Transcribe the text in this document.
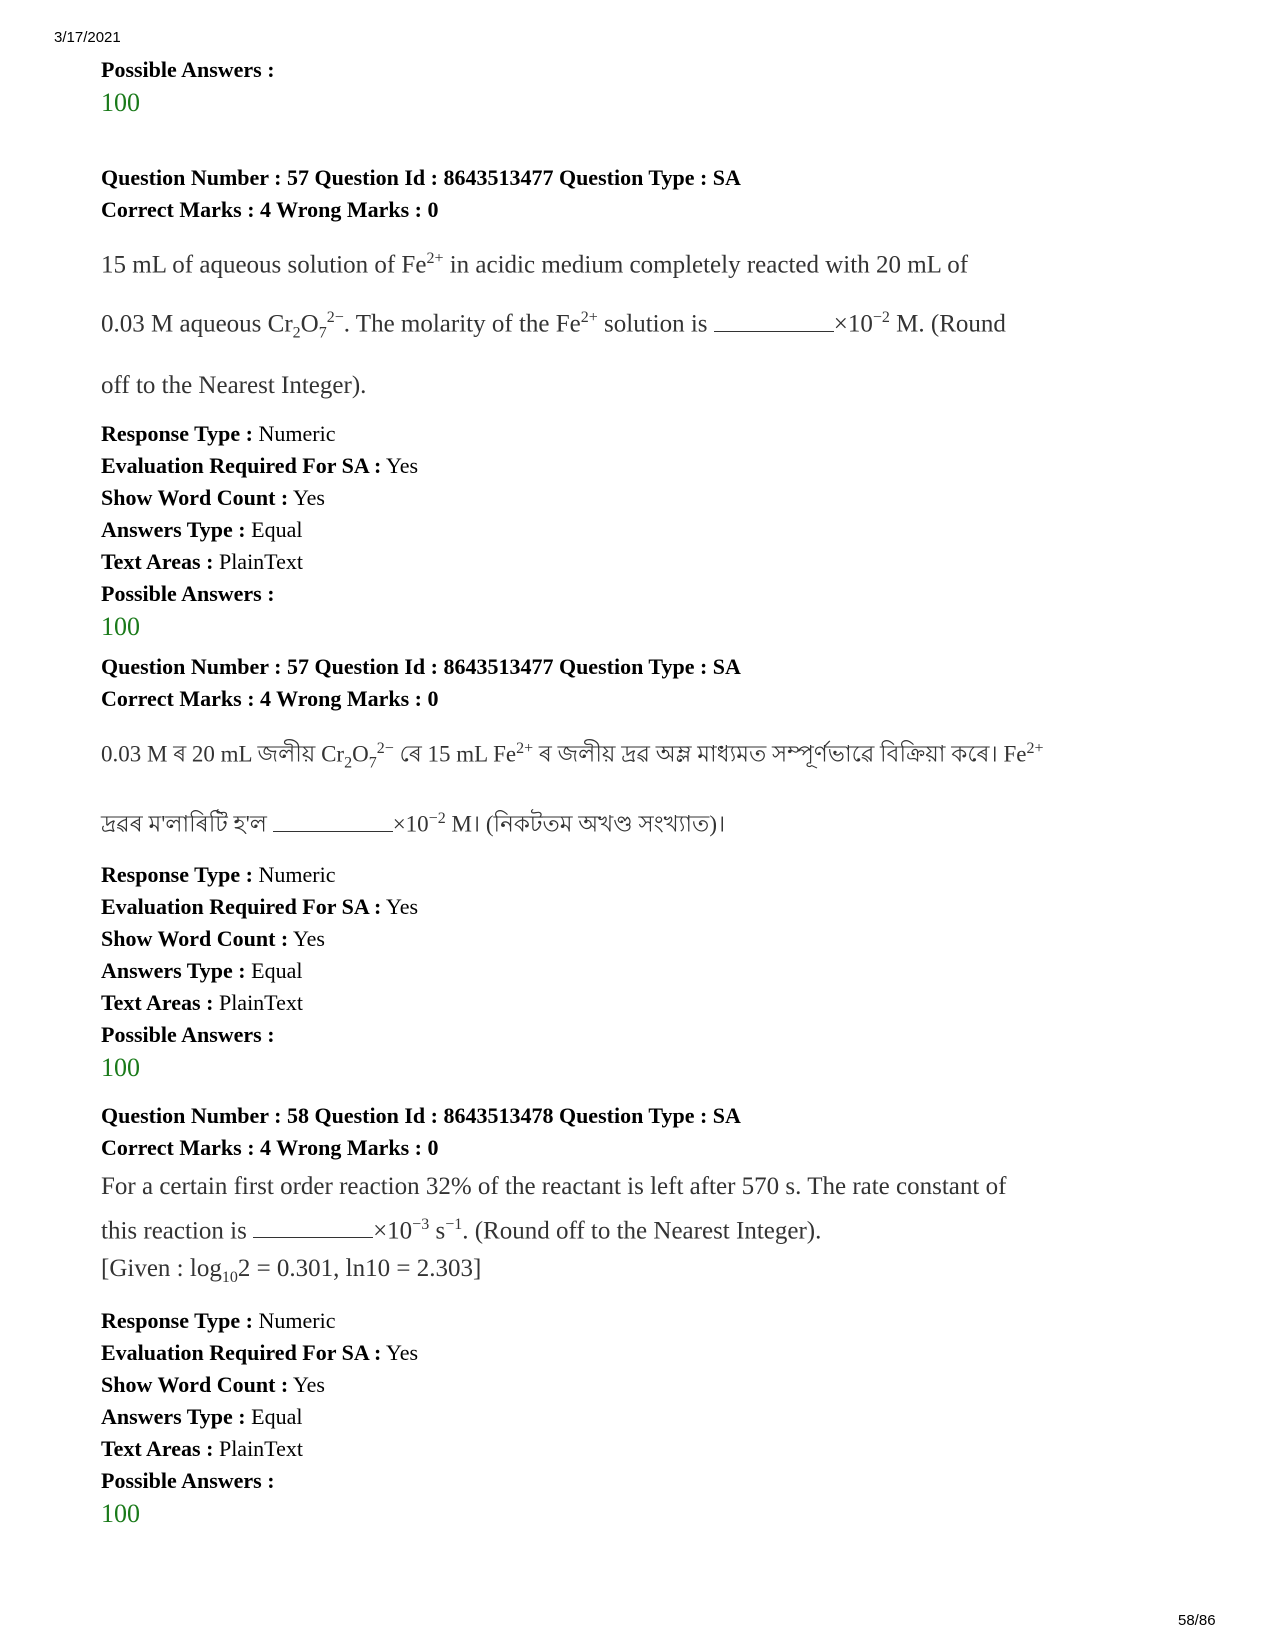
3/17/2021
Possible Answers :
100
Question Number : 57 Question Id : 8643513477 Question Type : SA
Correct Marks : 4 Wrong Marks : 0
15 mL of aqueous solution of $Fe^{2+}$ in acidic medium completely reacted with 20 mL of
0.03 M aqueous $Cr_2O_7^{2-}$. The molarity of the $Fe^{2+}$ solution is	$\times 10^{-2}$ M. (Round
off to the Nearest Integer).
Response Type : Numeric
Evaluation Required For SA : Yes
Show Word Count : Yes
Answers Type : Equal
Text Areas : PlainText
Possible Answers :
100
Question Number : 57 Question Id : 8643513477 Question Type : SA
Correct Marks : 4 Wrong Marks : 0
0.03 M ৰ 20 mL জলীয় $Cr_2O_7^{2-}$ ৰে 15 mL $Fe^{2+}$ ৰ জলীয় দ্ৰৱ অম্ল মাধ্যমত সম্পূৰ্ণভাৱে বিক্ৰিয়া কৰে। $Fe^{2+}$
দ্ৰৱৰ ম'লাৰিটি হ'ল	$\times 10^{-2}$ M। (নিকটতম অখণ্ড সংখ্যাত)।
Response Type : Numeric
Evaluation Required For SA : Yes
Show Word Count : Yes
Answers Type : Equal
Text Areas : PlainText
Possible Answers :
100
Question Number : 58 Question Id : 8643513478 Question Type : SA
Correct Marks : 4 Wrong Marks : 0
For a certain first order reaction 32% of the reactant is left after 570 s. The rate constant of
this reaction is	$\times 10^{-3}$ $s^{-1}$. (Round off to the Nearest Integer).
[Given : $\log_{10}2 = 0.301$, ln10 = 2.303]
Response Type : Numeric
Evaluation Required For SA : Yes
Show Word Count : Yes
Answers Type : Equal
Text Areas : PlainText
Possible Answers :
100
58/86
